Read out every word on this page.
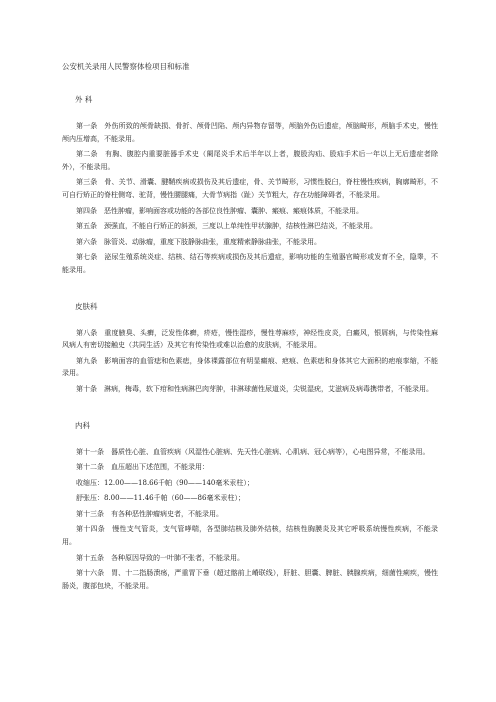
公安机关录用人民警察体检项目和标准
外 科

第一条　外伤所致的颅骨缺损、骨折、颅骨凹陷、颅内异物存留等，颅脑外伤后遗症，颅脑畸形，颅脑手术史，慢性颅内压增高，不能录用。

第二条　有胸、腹腔内重要脏器手术史（阑尾炎手术后半年以上者，腹股沟疝、股疝手术后一年以上无后遗症者除外），不能录用。

第三条　骨、关节、滑囊、腱鞘疾病或损伤及其后遗症，骨、关节畸形，习惯性脱臼，脊柱慢性疾病，胸廓畸形，不可自行矫正的脊柱侧弯、驼背，慢性腰腿痛，大骨节病指（趾）关节粗大，存在功能障碍者，不能录用。

第四条　恶性肿瘤，影响面容或功能的各部位良性肿瘤、囊肿、瘢痕、瘢痕体质，不能录用。

第五条　颈强直，不能自行矫正的斜颈，三度以上单纯性甲状腺肿，结核性淋巴结炎，不能录用。

第六条　脉管炎、动脉瘤，重度下肢静脉曲张，重度精索静脉曲张，不能录用。

第七条　泌尿生殖系统炎症、结核、结石等疾病或损伤及其后遗症，影响功能的生殖器官畸形或发育不全，隐睾，不能录用。

皮肤科

第八条　重度腋臭、头癣，泛发性体癣，疥疮，慢性湿疹，慢性荨麻疹，神经性皮炎，白癜风，银屑病，与传染性麻风病人有密切接触史（共同生活）及其它有传染性或难以治愈的皮肤病，不能录用。

第九条　影响面容的血管痣和色素痣，身体裸露部位有明显癜痕、疤痕、色素痣和身体其它大面积的疤痕挛缩，不能录用。

第十条　淋病，梅毒，软下疳和性病淋巴肉芽肿，非淋球菌性尿道炎，尖锐湿疣，艾滋病及病毒携带者，不能录用。

内科

第十一条　器质性心脏、血管疾病（风湿性心脏病、先天性心脏病、心肌病、冠心病等），心电图异常，不能录用。

第十二条　血压超出下述范围，不能录用：

收缩压：12.00——18.66千帕（90——140毫米汞柱）；

舒张压：8.00——11.46千帕（60——86毫米汞柱）；

第十三条　有各种恶性肿瘤病史者，不能录用。

第十四条　慢性支气管炎，支气管哮喘，各型肺结核及肺外结核，结核性胸膜炎及其它呼吸系统慢性疾病，不能录用。

第十五条　各种原因导致的一叶肺不张者，不能录用。

第十六条　胃、十二指肠溃疡，严重胃下垂（超过髂前上嵴联线），肝脏、胆囊、脾脏、胰腺疾病，细菌性痢疾，慢性肠炎，腹部包块，不能录用。
